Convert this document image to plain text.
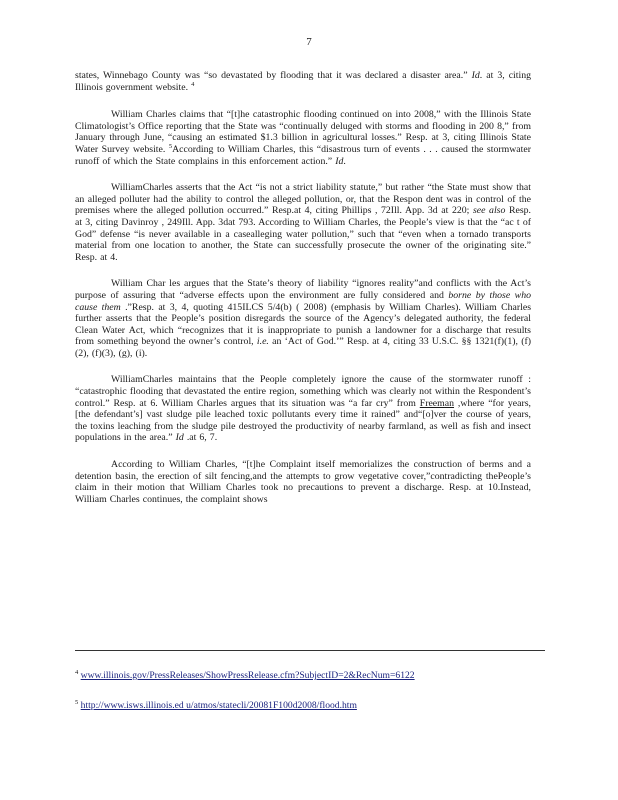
7

states, Winnebago County was “so devastated by flooding that it was declared a disaster area.” Id. at 3, citing Illinois government website. $^4$

William Charles claims that “[t]he catastrophic flooding continued on into 2008,” with the Illinois State Climatologist’s Office reporting that the State was “continually deluged with storms and flooding in 200 8,” from January through June, “causing an estimated $1.3 billion in agricultural losses.” Resp. at 3, citing Illinois State Water Survey website. $^5$According to William Charles, this “disastrous turn of events . . . caused the stormwater runoff of which the State complains in this enforcement action.” Id.

WilliamCharles asserts that the Act “is not a strict liability statute,” but rather “the State must show that an alleged polluter had the ability to control the alleged pollution, or, that the Respon dent was in control of the premises where the alleged pollution occurred.” Resp.at 4, citing Phillips , 72Ill. App. 3d at 220; see also Resp. at 3, citing Davinroy , 249Ill. App. 3dat 793. According to William Charles, the People’s view is that the “ac t of God” defense “is never available in a casealleging water pollution,” such that “even when a tornado transports material from one location to another, the State can successfully prosecute the owner of the originating site.” Resp. at 4.

William Char les argues that the State’s theory of liability “ignores reality”and conflicts with the Act’s purpose of assuring that “adverse effects upon the environment are fully considered and borne by those who cause them .”Resp. at 3, 4, quoting 415ILCS 5/4(b) ( 2008) (emphasis by William Charles). William Charles further asserts that the People’s position disregards the source of the Agency’s delegated authority, the federal Clean Water Act, which “recognizes that it is inappropriate to punish a landowner for a discharge that results from something beyond the owner’s control, i.e. an ‘Act of God.’” Resp. at 4, citing 33 U.S.C. §§ 1321(f)(1), (f)(2), (f)(3), (g), (i).

WilliamCharles maintains that the People completely ignore the cause of the stormwater runoff : “catastrophic flooding that devastated the entire region, something which was clearly not within the Respondent’s control.” Resp. at 6. William Charles argues that its situation was “a far cry” from Freeman ,where “for years, [the defendant’s] vast sludge pile leached toxic pollutants every time it rained” and“[o]ver the course of years, the toxins leaching from the sludge pile destroyed the productivity of nearby farmland, as well as fish and insect populations in the area.” Id .at 6, 7.

According to William Charles, “[t]he Complaint itself memorializes the construction of berms and a detention basin, the erection of silt fencing,and the attempts to grow vegetative cover,”contradicting thePeople’s claim in their motion that William Charles took no precautions to prevent a discharge. Resp. at 10.Instead, William Charles continues, the complaint shows

$^4$ www.illinois.gov/PressReleases/ShowPressRelease.cfm?SubjectID=2&RecNum=6122
$^5$ http://www.isws.illinois.ed u/atmos/statecli/20081F100d2008/flood.htm
